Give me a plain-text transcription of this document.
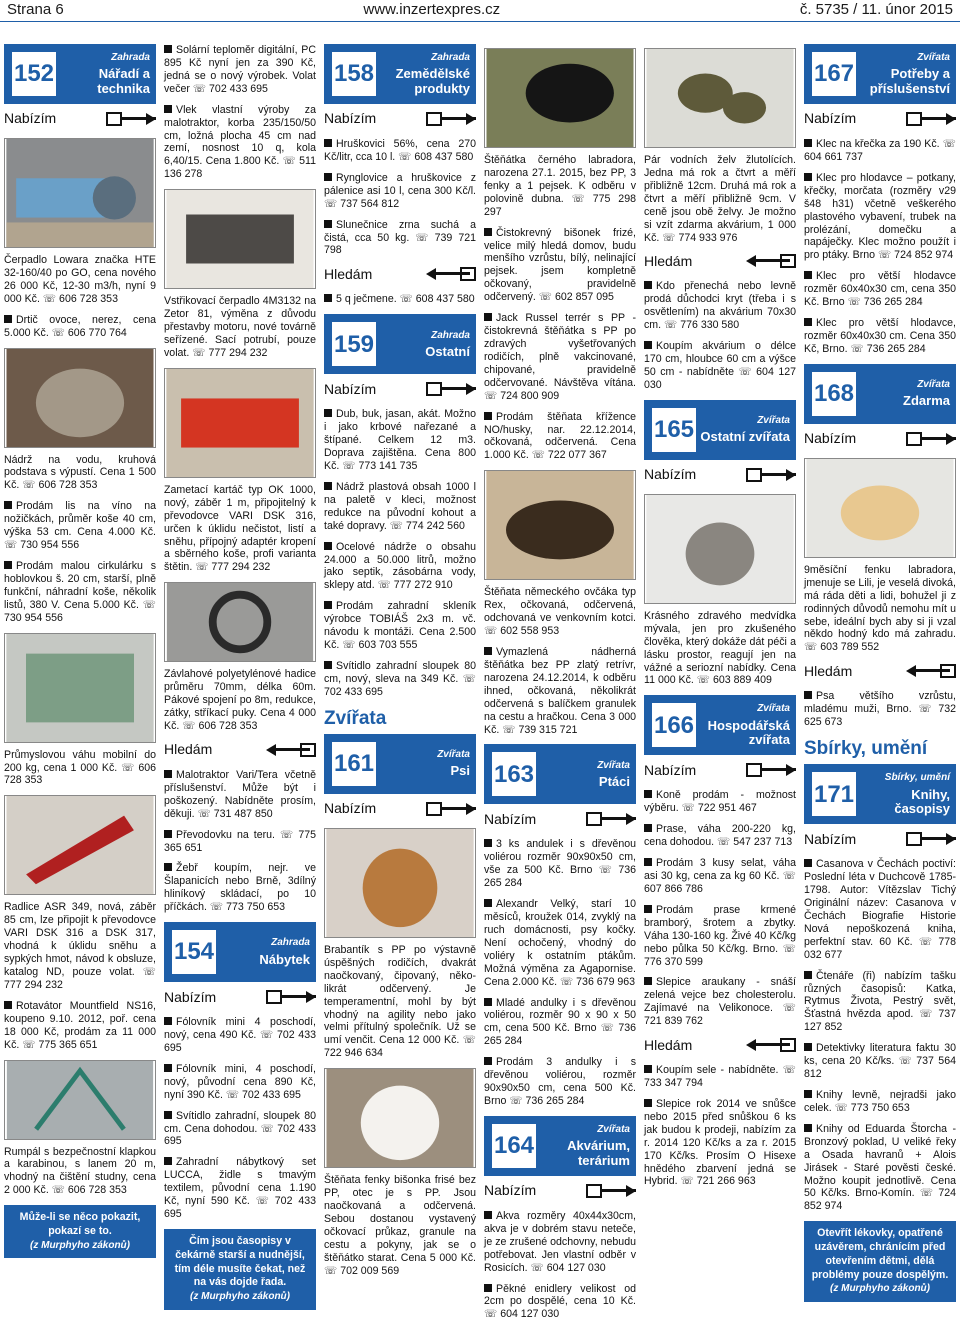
Strana 6	www.inzertexpres.cz	č. 5735 / 11. únor 2015
152
Zahrada
Nářadí a technika
Nabízím
Čerpadlo Lowara značka HTE 32-160/40 po GO, cena nového 26 000 Kč, 12-30 m3/h, nyní 9 000 Kč. ☏ 606 728 353
Drtič ovoce, nerez, cena 5.000 Kč. ☏ 606 770 764
Nádrž na vodu, kruhová podstava s výpustí. Cena 1 500 Kč. ☏ 606 728 353
Prodám lis na víno na nožičkách, průměr koše 40 cm, výška 53 cm. Cena 4.000 Kč. ☏ 730 954 556
Prodám malou cirkulárku s hoblovkou š. 20 cm, starší, plně funkční, náhradní koše, několik listů, 380 V. Cena 5.000 Kč. ☏ 730 954 556
Průmyslovou váhu mobilní do 200 kg, cena 1 000 Kč. ☏ 606 728 353
Radlice ASR 349, nová, záběr 85 cm, lze připojit k převodovce VARI DSK 316 a DSK 317, vhodná k úklidu sněhu a sypkých hmot, návod k obsluze, katalog ND, pouze volat. ☏ 777 294 232
Rotavátor Mountfield NS16, koupeno 9.10. 2012, poř. cena 18 000 Kč, prodám za 11 000 Kč. ☏ 775 365 651
Rumpál s bezpečnostní klapkou a karabinou, s lanem 20 m, vhodný na čištění studny, cena 2 000 Kč. ☏ 606 728 353
Může-li se něco pokazit, pokazí se to.
(z Murphyho zákonů)
Solární teploměr digitální, PC 895 Kč nyní jen za 390 Kč, jedná se o nový výrobek. Volat večer ☏ 702 433 695
Vlek vlastní výroby za malotraktor, korba 235/150/50 cm, ložná plocha 45 cm nad zemí, nosnost 10 q, kola 6,40/15. Cena 1.800 Kč. ☏ 511 136 278
Vstřikovací čerpadlo 4M3132 na Zetor 81, výměna z důvodu přestavby motoru, nové továrně seřízené. Sací potrubí, pouze volat. ☏ 777 294 232
Zametací kartáč typ OK 1000, nový, záběr 1 m, připojitelný k převodovce VARI DSK 316, určen k úklidu nečistot, listí a sněhu, přípojný adaptér kropení a sběrného koše, profi varianta štětin. ☏ 777 294 232
Závlahové polyetylénové hadice průměru 70mm, délka 60m. Pákové spojení po 8m, redukce, zátky, stříkací puky. Cena 4 000 Kč. ☏ 606 728 353
Hledám
Malotraktor Vari/Tera včetně příslušenství. Může být i poškozený. Nabídněte prosím, děkuji. ☏ 731 487 850
Převodovku na teru. ☏ 775 365 651
Žebř koupím, nejr. ve Šlapanicích nebo Brně, 3dílný hliníkový skládací, po 10 příčkách. ☏ 773 750 653
154	Zahrada
Nábytek
Nabízím
Fólovník mini 4 poschodí, nový, cena 490 Kč. ☏ 702 433 695
Fólovník mini, 4 poschodí, nový, původní cena 890 Kč, nyní 390 Kč. ☏ 702 433 695
Svítidlo zahradní, sloupek 80 cm. Cena dohodou. ☏ 702 433 695
Zahradní nábytkový set LUCCA, židle s tmavým textilem, původní cena 1.190 Kč, nyní 590 Kč. ☏ 702 433 695
Čím jsou časopisy v čekárně starší a nudnější, tím déle musíte čekat, než na vás dojde řada.
(z Murphyho zákonů)
158
Zahrada
Zemědělské produkty
Nabízím
Hruškovici 56%, cena 270 Kč/litr, cca 10 l. ☏ 608 437 580
Rynglovice a hruškovice z pálenice asi 10 l, cena 300 Kč/l. ☏ 737 564 812
Slunečnice zrna suchá a čistá, cca 50 kg. ☏ 739 721 798
Hledám
5 q ječmene. ☏ 608 437 580
159	Zahrada
Ostatní
Nabízím
Dub, buk, jasan, akát. Možno i jako krbové nařezané a štípané. Celkem 12 m3. Doprava zajištěna. Cena 800 Kč. ☏ 773 141 735
Nádrž plastová obsah 1000 l na paletě v kleci, možnost redukce na původní kohout a také dopravy. ☏ 774 242 560
Ocelové nádrže o obsahu 24.000 a 50.000 litrů, možno jako septik, zásobárna vody, sklepy atd. ☏ 777 272 910
Prodám zahradní skleník výrobce TOBIÁŠ 2x3 m. vč. návodu k montáži. Cena 2.500 Kč. ☏ 603 703 555
Svítidlo zahradní sloupek 80 cm, nový, sleva na 349 Kč. ☏ 702 433 695
Zvířata
161	Zvířata
Psi
Nabízím
Brabantík s PP po výstavně úspěšných rodičích, dvakrát naočkovaný, čipovaný, něko-likrát odčervený. Je temperamentní, mohl by být vhodný na agility nebo jako velmi přítulný společník. Už se umí venčit. Cena 12 000 Kč. ☏ 722 946 634
Štěňata fenky bišonka frisé bez PP, otec je s PP. Jsou naočkovaná a odčervená. Sebou dostanou vystavený očkovací průkaz, granule na cestu a pokyny, jak se o štěňátko starat. Cena 5 000 Kč. ☏ 702 009 569
Štěňátka černého labradora, narozena 27.1. 2015, bez PP, 3 fenky a 1 pejsek. K odběru v polovině dubna. ☏ 775 298 297
Čistokrevný bišonek frizé, velice milý hledá domov, budu menšího vzrůstu, bílý, nelinající pejsek. jsem kompletně očkovaný, pravidelně odčervený. ☏ 602 857 095
Jack Russel terrér s PP - čistokrevná štěňátka s PP po zdravých vyšetřovaných rodičích, plně vakcinované, chipované, pravidelně odčervované. Návštěva vítána. ☏ 724 800 909
Prodám štěňata křížence NO/husky, nar. 22.12.2014, očkovaná, odčervená. Cena 1.000 Kč. ☏ 722 077 367
Štěňata německého ovčáka typ Rex, očkovaná, odčervená, odchovaná ve venkovním kotci. ☏ 602 558 953
Vymazlená nádherná štěňátka bez PP zlatý retrívr, narozena 24.12.2014, k odběru ihned, očkovaná, několikrát odčervená s balíčkem granulek na cestu a hračkou. Cena 3 000 Kč. ☏ 739 315 721
163	Zvířata
Ptáci
Nabízím
3 ks andulek i s dřevěnou voliérou rozměr 90x90x50 cm, vše za 500 Kč. Brno ☏ 736 265 284
Alexandr Velký, starí 10 měsíců, kroužek 014, zvyklý na ruch domácnosti, psy kočky. Není ochočený, vhodný do voliéry k ostatním ptákům. Možná výměna za Agapornise. Cena 2.000 Kč. ☏ 736 679 963
Mladé andulky i s dřevěnou voliérou, rozměr 90 x 90 x 50 cm, cena 500 Kč. Brno ☏ 736 265 284
Prodám 3 andulky i s dřevěnou voliérou, rozměr 90x90x50 cm, cena 500 Kč. Brno ☏ 736 265 284
164
Zvířata
Akvárium, terárium
Nabízím
Akva rozměry 40x44x30cm, akva je v dobrém stavu neteče, je ze zrušené odchovny, nebudu potřebovat. Jen vlastní odběr v Rosicích. ☏ 604 127 030
Pěkné enidlery velikost od 2cm po dospělé, cena 10 Kč. ☏ 604 127 030
Pár vodních želv žlutolících. Jedna má rok a čtvrt a měří přibližně 12cm. Druhá má rok a čtvrt a měří přibližně 9cm. V ceně jsou obě želvy. Je možno si vzít zdarma akvárium, 1 000 Kč. ☏ 774 933 976
Hledám
Kdo přenechá nebo levně prodá důchodci kryt (třeba i s osvětlením) na akvárium 70x30 cm. ☏ 776 330 580
Koupím akvárium o délce 170 cm, hloubce 60 cm a výšce 50 cm - nabídněte ☏ 604 127 030
165	Zvířata
Ostatní zvířata
Nabízím
Krásného zdravého medvídka mývala, jen pro zkušeného člověka, který dokáže dát péči a lásku prostor, reagují jen na vážné a seriozní nabídky. Cena 11 000 Kč. ☏ 603 889 409
166
Zvířata
Hospodářská zvířata
Nabízím
Koně prodám - možnost výběru. ☏ 722 951 467
Prase, váha 200-220 kg, cena dohodou. ☏ 547 237 713
Prodám 3 kusy selat, váha asi 30 kg, cena za kg 60 Kč. ☏ 607 866 786
Prodám prase krmené bramborý, šrotem a zbytky. Váha 130-160 kg. Živé 40 Kč/kg nebo půlka 50 Kč/kg. Brno. ☏ 776 370 599
Slepice araukany - snáší zelená vejce bez cholesterolu. Zajímavé na Velikonoce. ☏ 721 839 762
Hledám
Koupím sele - nabídněte. ☏ 733 347 794
Slepice rok 2014 ve snůšce nebo 2015 před snůškou 6 ks jak budou k prodeji, nabízím za r. 2014 120 Kč/ks a za r. 2015 170 Kč/ks. Prosím O Hisexe hnědého zbarvení jedná se Hybrid. ☏ 721 266 963
167
Zvířata
Potřeby a příslušenství
Nabízím
Klec na křečka za 190 Kč. ☏ 604 661 737
Klec pro hlodavce – potkany, křečky, morčata (rozměry v29 š48 h31) včetně veškerého plastového vybavení, trubek na prolézání, domečku a napáječky. Klec možno použít i pro ptáky. Brno ☏ 724 852 974
Klec pro větší hlodavce rozměr 60x40x30 cm, cena 350 Kč. Brno ☏ 736 265 284
Klec pro větší hlodavce, rozměr 60x40x30 cm. Cena 350 Kč, Brno. ☏ 736 265 284
168	Zvířata
Zdarma
Nabízím
9měsíční fenku labradora, jmenuje se Lili, je veselá divoká, má ráda děti a lidi, bohužel ji z rodinných důvodů nemohu mít u sebe, ideální bych aby si ji vzal někdo hodný kdo má zahradu. ☏ 603 789 552
Hledám
Psa většího vzrůstu, mladému muži, Brno. ☏ 732 625 673
Sbírky, umění
171
Sbírky, umění
Knihy, časopisy
Nabízím
Casanova v Čechách poctiví: Poslední léta v Duchcově 1785-1798. Autor: Vítězslav Tichý Originální název: Casanova v Čechách Biografie Historie Nová nepoškozená kniha, perfektní stav. 60 Kč. ☏ 778 032 677
Čtenáře (ři) nabízím tašku různých časopisů: Katka, Rytmus Života, Pestrý svět, Šťastná hvězda apod. ☏ 737 127 852
Detektivky literatura faktu 30 ks, cena 20 Kč/ks. ☏ 737 564 812
Knihy levně, nejradši jako celek. ☏ 773 750 653
Knihy od Eduarda Štorcha - Bronzový poklad, U veliké řeky a Osada havranů + Alois Jirásek - Staré pověsti české. Možno koupit jednotlivě. Cena 50 Kč/ks. Brno-Komín. ☏ 724 852 974
Otevřít lékovky, opatřené uzávěrem, chránícím před otevřením dětmi, dělá problémy pouze dospělým.
(z Murphyho zákonů)
